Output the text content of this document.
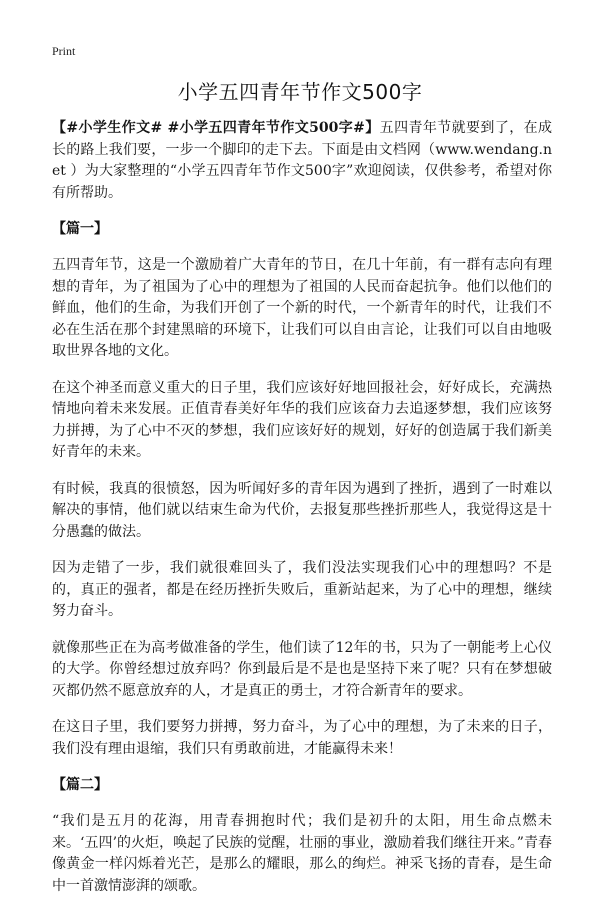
Print
小学五四青年节作文500字

【#小学生作文# #小学五四青年节作文500字#】五四青年节就要到了，在成长的路上我们要，一步一个脚印的走下去。下面是由文档网（www.wendang.net ）为大家整理的“小学五四青年节作文500字”欢迎阅读，仅供参考，希望对你有所帮助。

【篇一】

五四青年节，这是一个激励着广大青年的节日，在几十年前，有一群有志向有理想的青年，为了祖国为了心中的理想为了祖国的人民而奋起抗争。他们以他们的鲜血，他们的生命，为我们开创了一个新的时代，一个新青年的时代，让我们不必在生活在那个封建黑暗的环境下，让我们可以自由言论，让我们可以自由地吸取世界各地的文化。

在这个神圣而意义重大的日子里，我们应该好好地回报社会，好好成长，充满热情地向着未来发展。正值青春美好年华的我们应该奋力去追逐梦想，我们应该努力拼搏，为了心中不灭的梦想，我们应该好好的规划，好好的创造属于我们新美好青年的未来。

有时候，我真的很愤怒，因为听闻好多的青年因为遇到了挫折，遇到了一时难以解决的事情，他们就以结束生命为代价，去报复那些挫折那些人，我觉得这是十分愚蠢的做法。

因为走错了一步，我们就很难回头了，我们没法实现我们心中的理想吗？不是的，真正的强者，都是在经历挫折失败后，重新站起来，为了心中的理想，继续努力奋斗。

就像那些正在为高考做准备的学生，他们读了12年的书，只为了一朝能考上心仪的大学。你曾经想过放弃吗？你到最后是不是也是坚持下来了呢？只有在梦想破灭都仍然不愿意放弃的人，才是真正的勇士，才符合新青年的要求。

在这日子里，我们要努力拼搏，努力奋斗，为了心中的理想，为了未来的日子，我们没有理由退缩，我们只有勇敢前进，才能赢得未来！

【篇二】

“我们是五月的花海，用青春拥抱时代；我们是初升的太阳，用生命点燃未来。‘五四’的火炬，唤起了民族的觉醒，壮丽的事业，激励着我们继往开来。”青春像黄金一样闪烁着光芒，是那么的耀眼，那么的绚烂。神采飞扬的青春，是生命中一首激情澎湃的颂歌。
